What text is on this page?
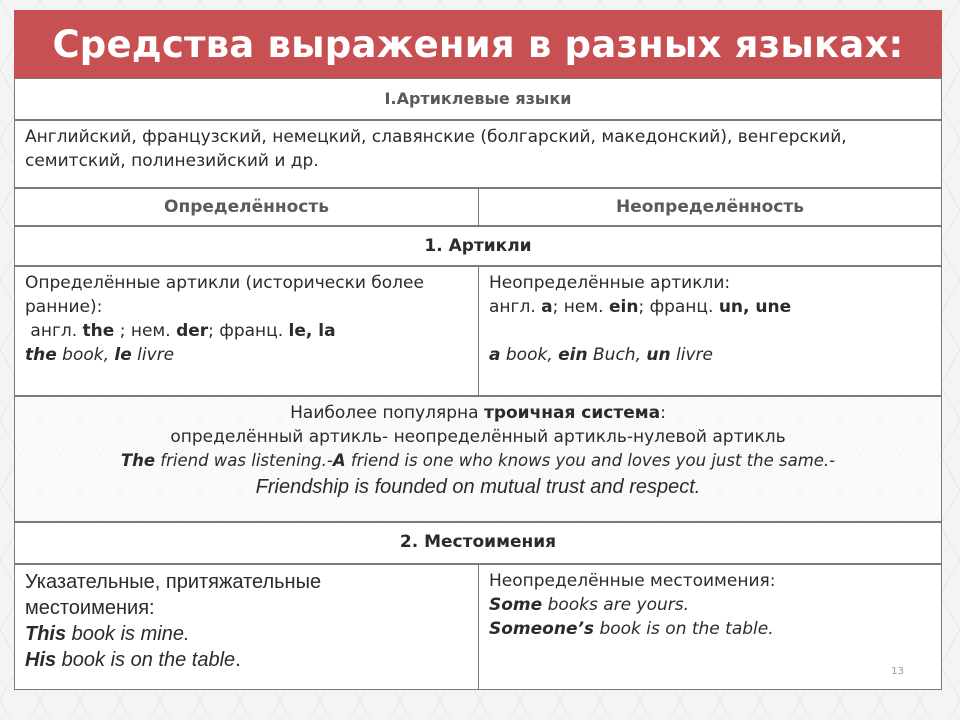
Средства выражения в разных языках:
I.Артиклевые языки
Английский, французский, немецкий, славянские (болгарский, македонский), венгерский, семитский, полинезийский и др.
Определённость	Неопределённость
1. Артикли
Определённые артикли (исторически более ранние):
англ. the ; нем. der; франц. le, la
the book, le livre
Неопределённые артикли:
англ. a; нем. ein; франц. un, une
a book, ein Buch, un livre
Наиболее популярна троичная система:
определённый артикль- неопределённый артикль-нулевой артикль
The friend was listening.-A friend is one who knows you and loves you just the same.-
Friendship is founded on mutual trust and respect.
2. Местоимения
Указательные, притяжательные местоимения:
This book is mine.
His book is on the table.
Неопределённые местоимения:
Some books are yours.
Someone’s book is on the table.
13
